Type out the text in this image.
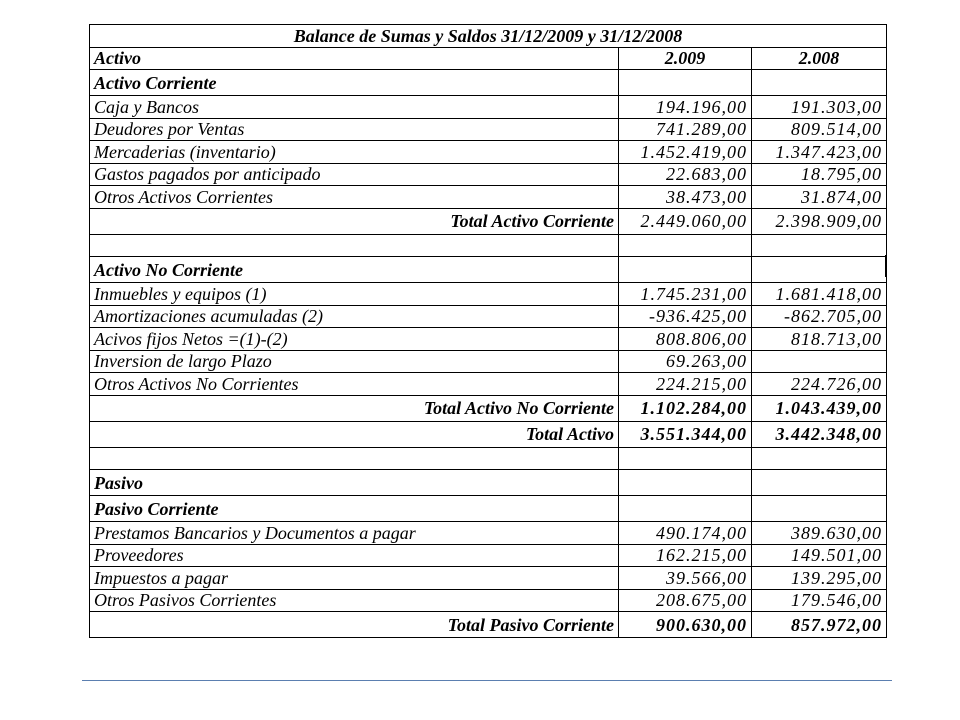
Balance de Sumas y Saldos 31/12/2009 y 31/12/2008		
Activo	2.009	2.008
Activo Corriente		
Caja y Bancos	194.196,00	191.303,00
Deudores por Ventas	741.289,00	809.514,00
Mercaderias (inventario)	1.452.419,00	1.347.423,00
Gastos pagados por anticipado	22.683,00	18.795,00
Otros Activos Corrientes	38.473,00	31.874,00
Total Activo Corriente	2.449.060,00	2.398.909,00

Activo No Corriente		
Inmuebles y equipos (1)	1.745.231,00	1.681.418,00
Amortizaciones acumuladas (2)	-936.425,00	-862.705,00
Acivos fijos Netos =(1)-(2)	808.806,00	818.713,00
Inversion de largo Plazo	69.263,00	
Otros Activos No Corrientes	224.215,00	224.726,00
Total Activo No Corriente	1.102.284,00	1.043.439,00
Total Activo	3.551.344,00	3.442.348,00

Pasivo		
Pasivo Corriente		
Prestamos Bancarios y Documentos a pagar	490.174,00	389.630,00
Proveedores	162.215,00	149.501,00
Impuestos a pagar	39.566,00	139.295,00
Otros Pasivos Corrientes	208.675,00	179.546,00
Total Pasivo Corriente	900.630,00	857.972,00
